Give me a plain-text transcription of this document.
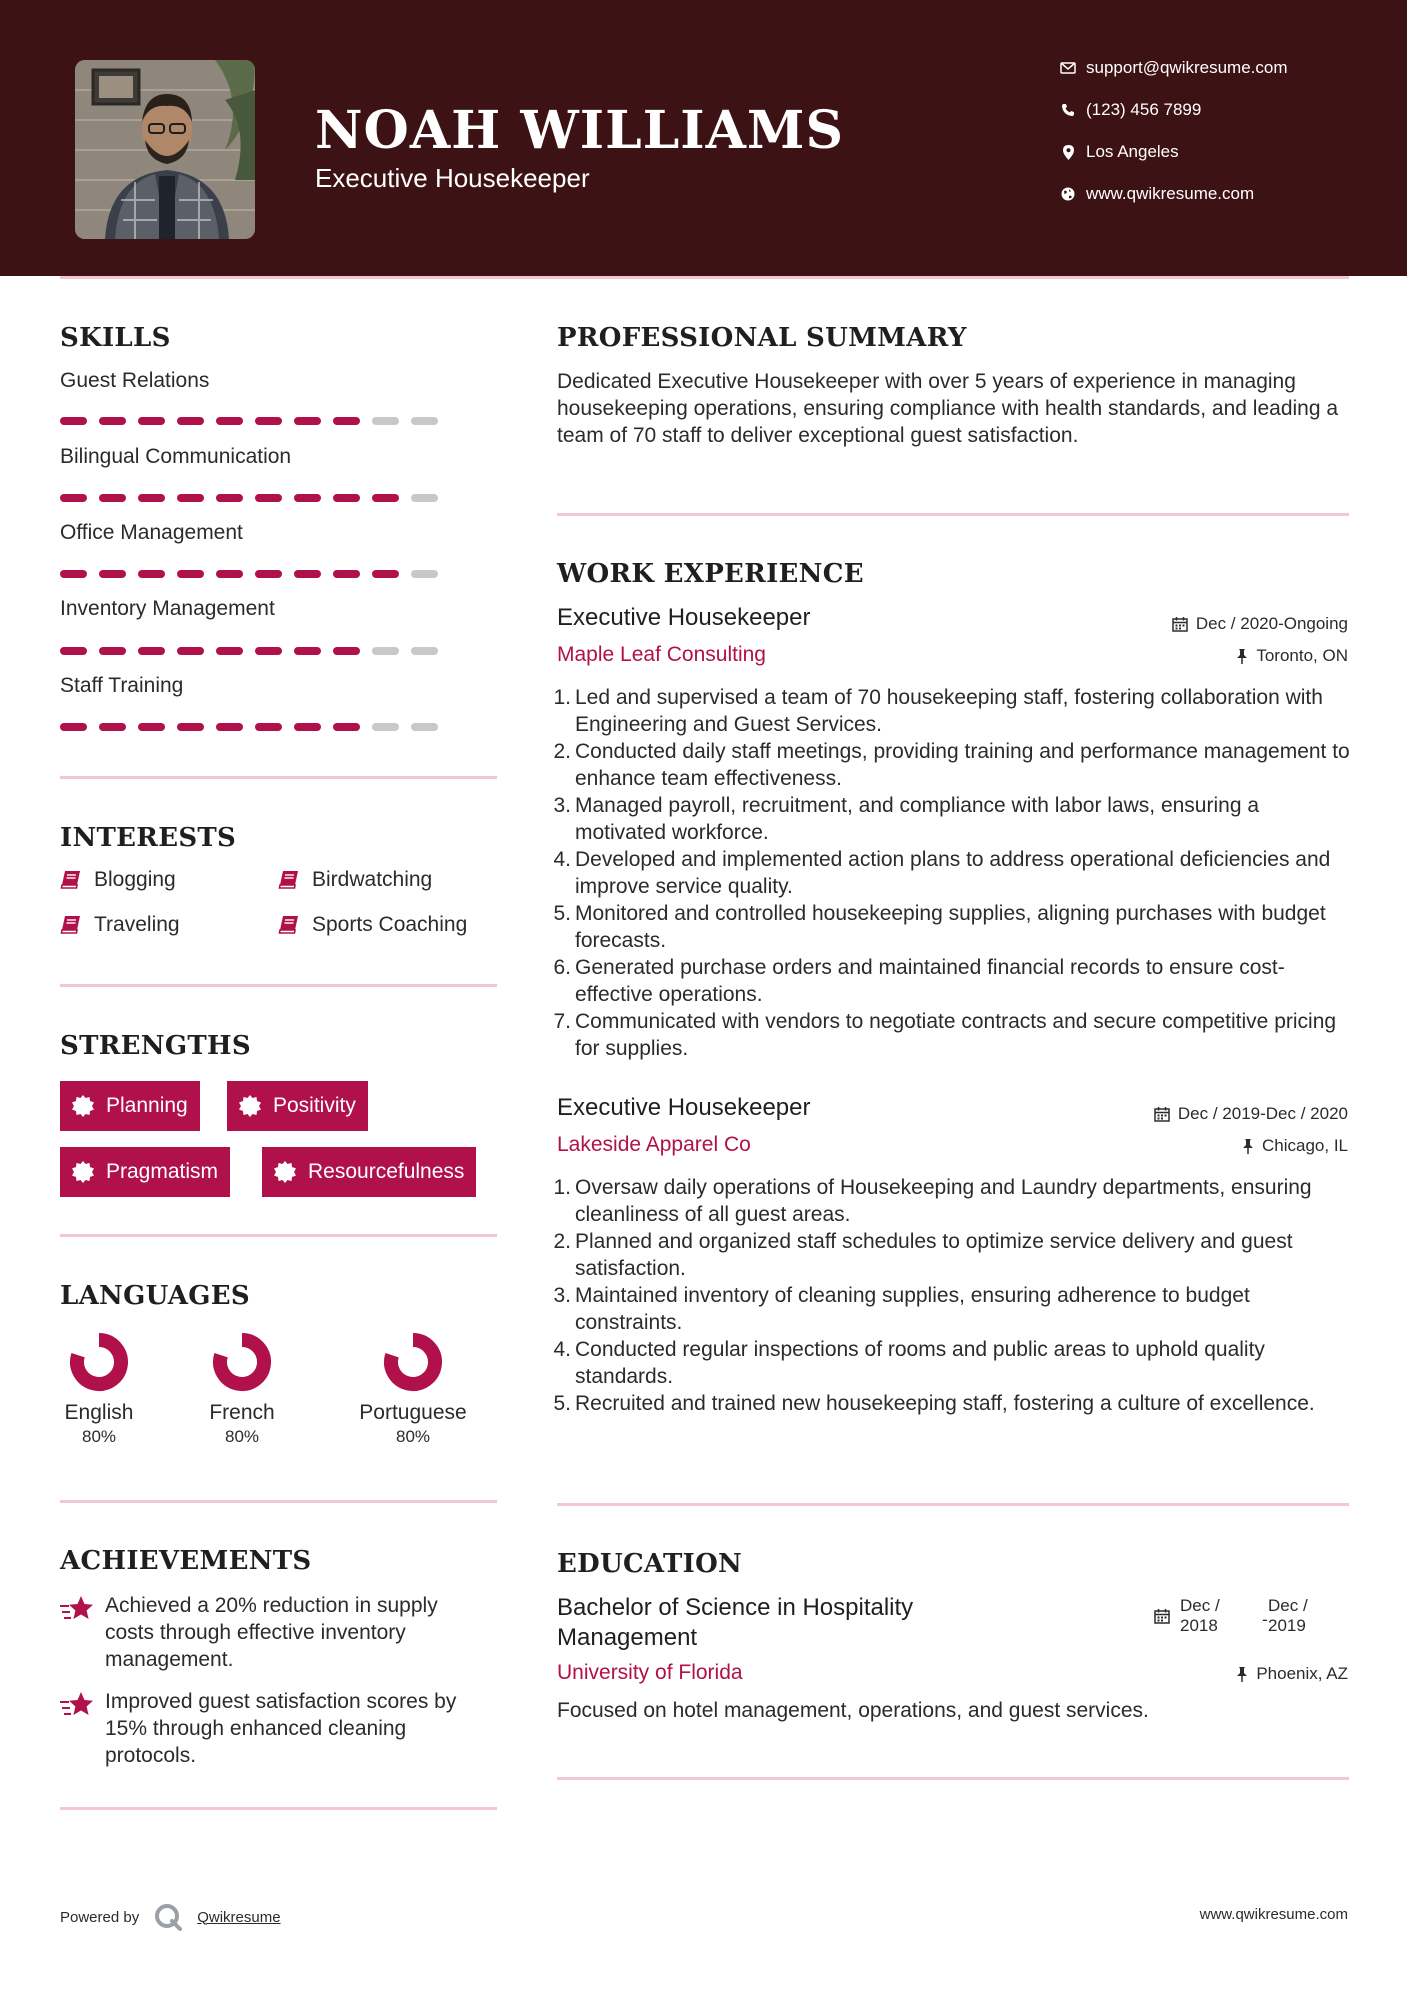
NOAH WILLIAMS
Executive Housekeeper
support@qwikresume.com
(123) 456 7899
Los Angeles
www.qwikresume.com
SKILLS
Guest Relations
Bilingual Communication
Office Management
Inventory Management
Staff Training
INTERESTS
Blogging	Birdwatching
Traveling	Sports Coaching
STRENGTHS
Planning	Positivity
Pragmatism	Resourcefulness
LANGUAGES
English
80%
French
80%
Portuguese
80%
ACHIEVEMENTS
Achieved a 20% reduction in supply costs through effective inventory management.
Improved guest satisfaction scores by 15% through enhanced cleaning protocols.
PROFESSIONAL SUMMARY
Dedicated Executive Housekeeper with over 5 years of experience in managing housekeeping operations, ensuring compliance with health standards, and leading a team of 70 staff to deliver exceptional guest satisfaction.
WORK EXPERIENCE
Executive Housekeeper	Dec / 2020-Ongoing
Maple Leaf Consulting	Toronto, ON
1. Led and supervised a team of 70 housekeeping staff, fostering collaboration with Engineering and Guest Services.
2. Conducted daily staff meetings, providing training and performance management to enhance team effectiveness.
3. Managed payroll, recruitment, and compliance with labor laws, ensuring a motivated workforce.
4. Developed and implemented action plans to address operational deficiencies and improve service quality.
5. Monitored and controlled housekeeping supplies, aligning purchases with budget forecasts.
6. Generated purchase orders and maintained financial records to ensure cost-effective operations.
7. Communicated with vendors to negotiate contracts and secure competitive pricing for supplies.
Executive Housekeeper	Dec / 2019-Dec / 2020
Lakeside Apparel Co	Chicago, IL
1. Oversaw daily operations of Housekeeping and Laundry departments, ensuring cleanliness of all guest areas.
2. Planned and organized staff schedules to optimize service delivery and guest satisfaction.
3. Maintained inventory of cleaning supplies, ensuring adherence to budget constraints.
4. Conducted regular inspections of rooms and public areas to uphold quality standards.
5. Recruited and trained new housekeeping staff, fostering a culture of excellence.
EDUCATION
Bachelor of Science in Hospitality
Management
Dec /
2018	-
Dec /
2019
University of Florida	Phoenix, AZ
Focused on hotel management, operations, and guest services.
Powered by	Qwikresume	www.qwikresume.com
